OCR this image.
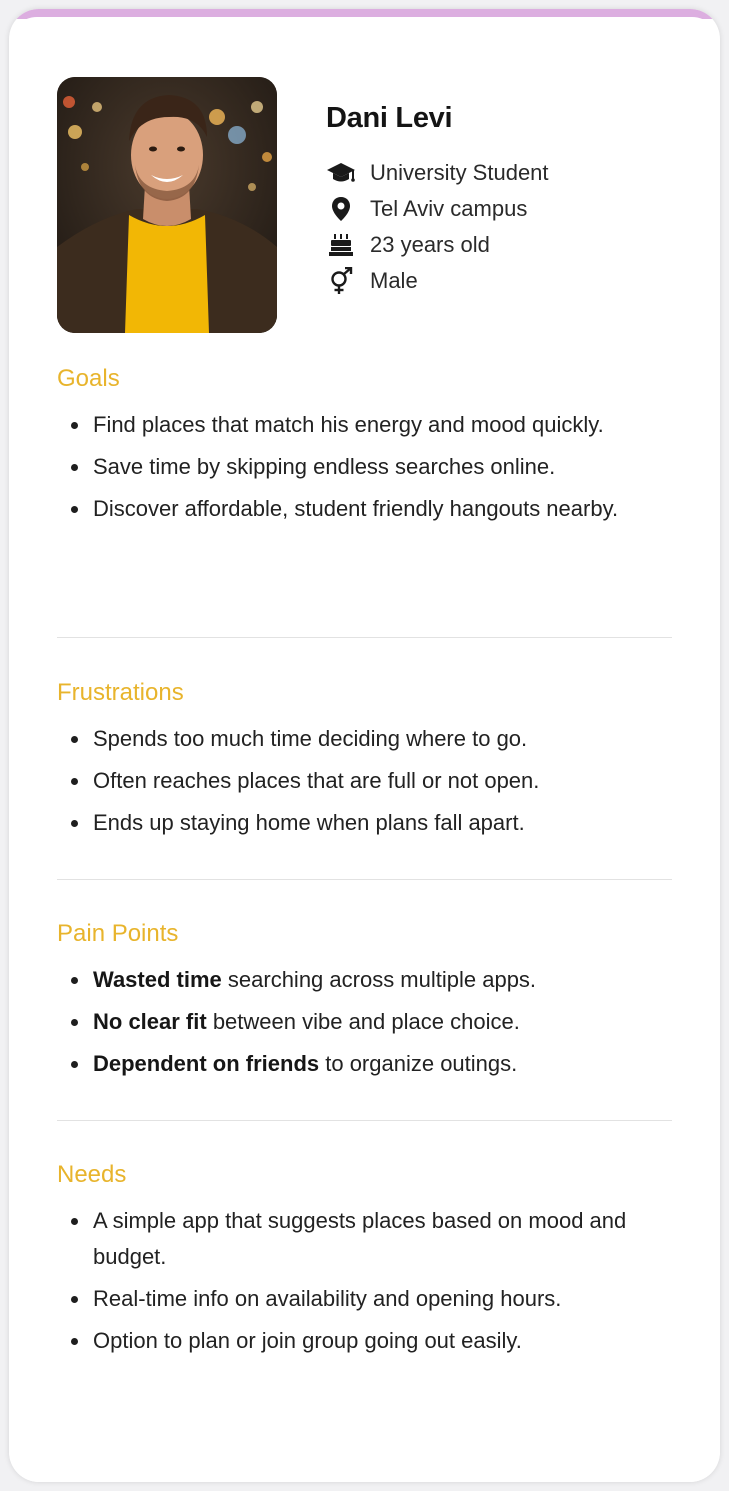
Dani Levi
University Student
Tel Aviv campus
23 years old
Male
Goals
Find places that match his energy and mood quickly.
Save time by skipping endless searches online.
Discover affordable, student friendly hangouts nearby.
Frustrations
Spends too much time deciding where to go.
Often reaches places that are full or not open.
Ends up staying home when plans fall apart.
Pain Points
Wasted time searching across multiple apps.
No clear fit between vibe and place choice.
Dependent on friends to organize outings.
Needs
A simple app that suggests places based on mood and budget.
Real-time info on availability and opening hours.
Option to plan or join group going out easily.
